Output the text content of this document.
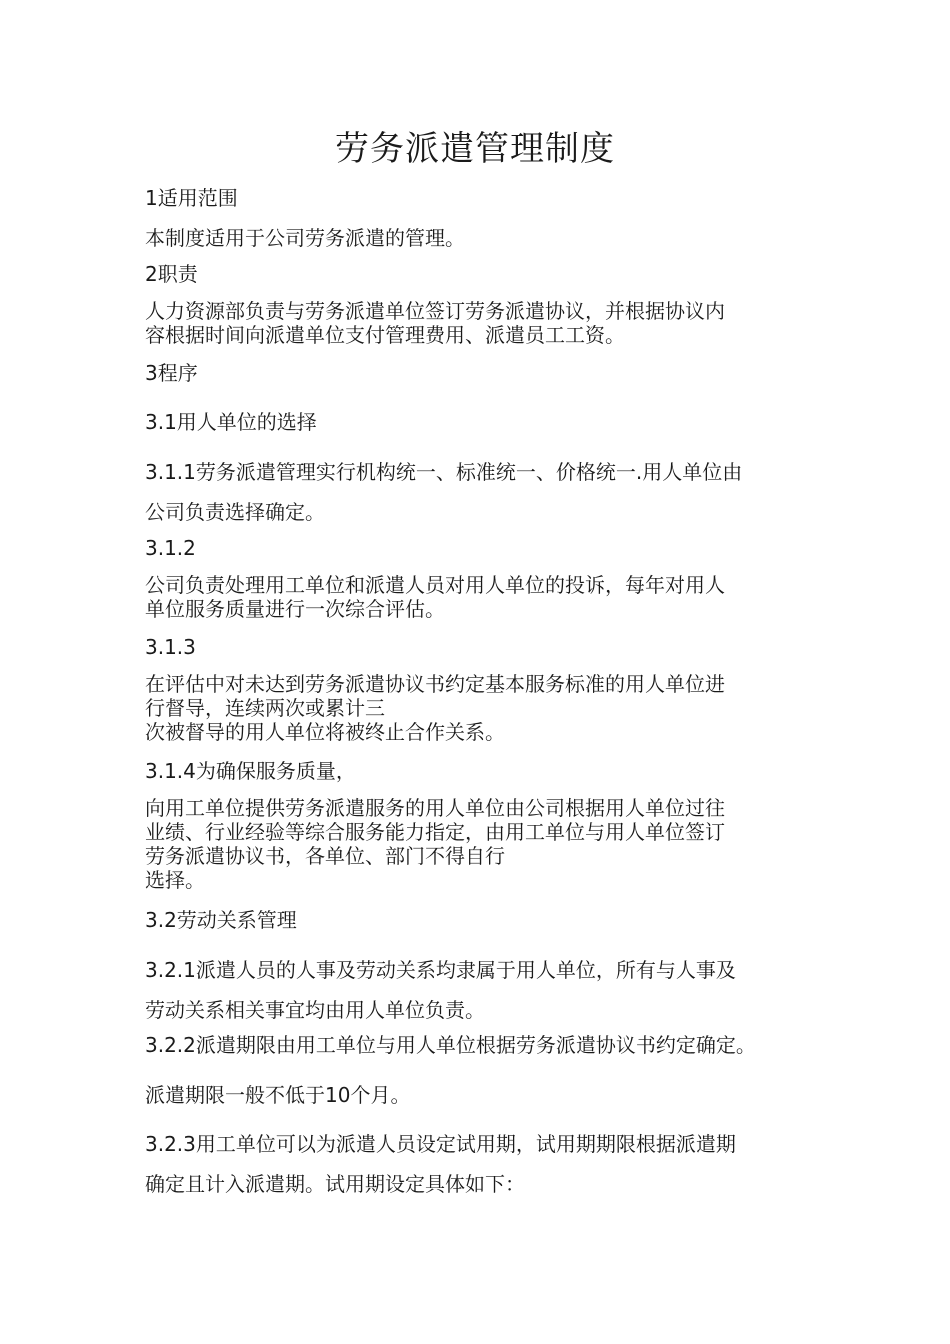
劳务派遣管理制度

1适用范围

本制度适用于公司劳务派遣的管理。

2职责

人力资源部负责与劳务派遣单位签订劳务派遣协议，并根据协议内
容根据时间向派遣单位支付管理费用、派遣员工工资。

3程序

3.1用人单位的选择

3.1.1劳务派遣管理实行机构统一、标准统一、价格统一.用人单位由
公司负责选择确定。

3.1.2

公司负责处理用工单位和派遣人员对用人单位的投诉，每年对用人
单位服务质量进行一次综合评估。

3.1.3

在评估中对未达到劳务派遣协议书约定基本服务标准的用人单位进
行督导，连续两次或累计三
次被督导的用人单位将被终止合作关系。

3.1.4为确保服务质量，

向用工单位提供劳务派遣服务的用人单位由公司根据用人单位过往
业绩、行业经验等综合服务能力指定，由用工单位与用人单位签订
劳务派遣协议书，各单位、部门不得自行
选择。

3.2劳动关系管理

3.2.1派遣人员的人事及劳动关系均隶属于用人单位，所有与人事及
劳动关系相关事宜均由用人单位负责。

3.2.2派遣期限由用工单位与用人单位根据劳务派遣协议书约定确定。

派遣期限一般不低于10个月。

3.2.3用工单位可以为派遣人员设定试用期，试用期期限根据派遣期
确定且计入派遣期。试用期设定具体如下：
